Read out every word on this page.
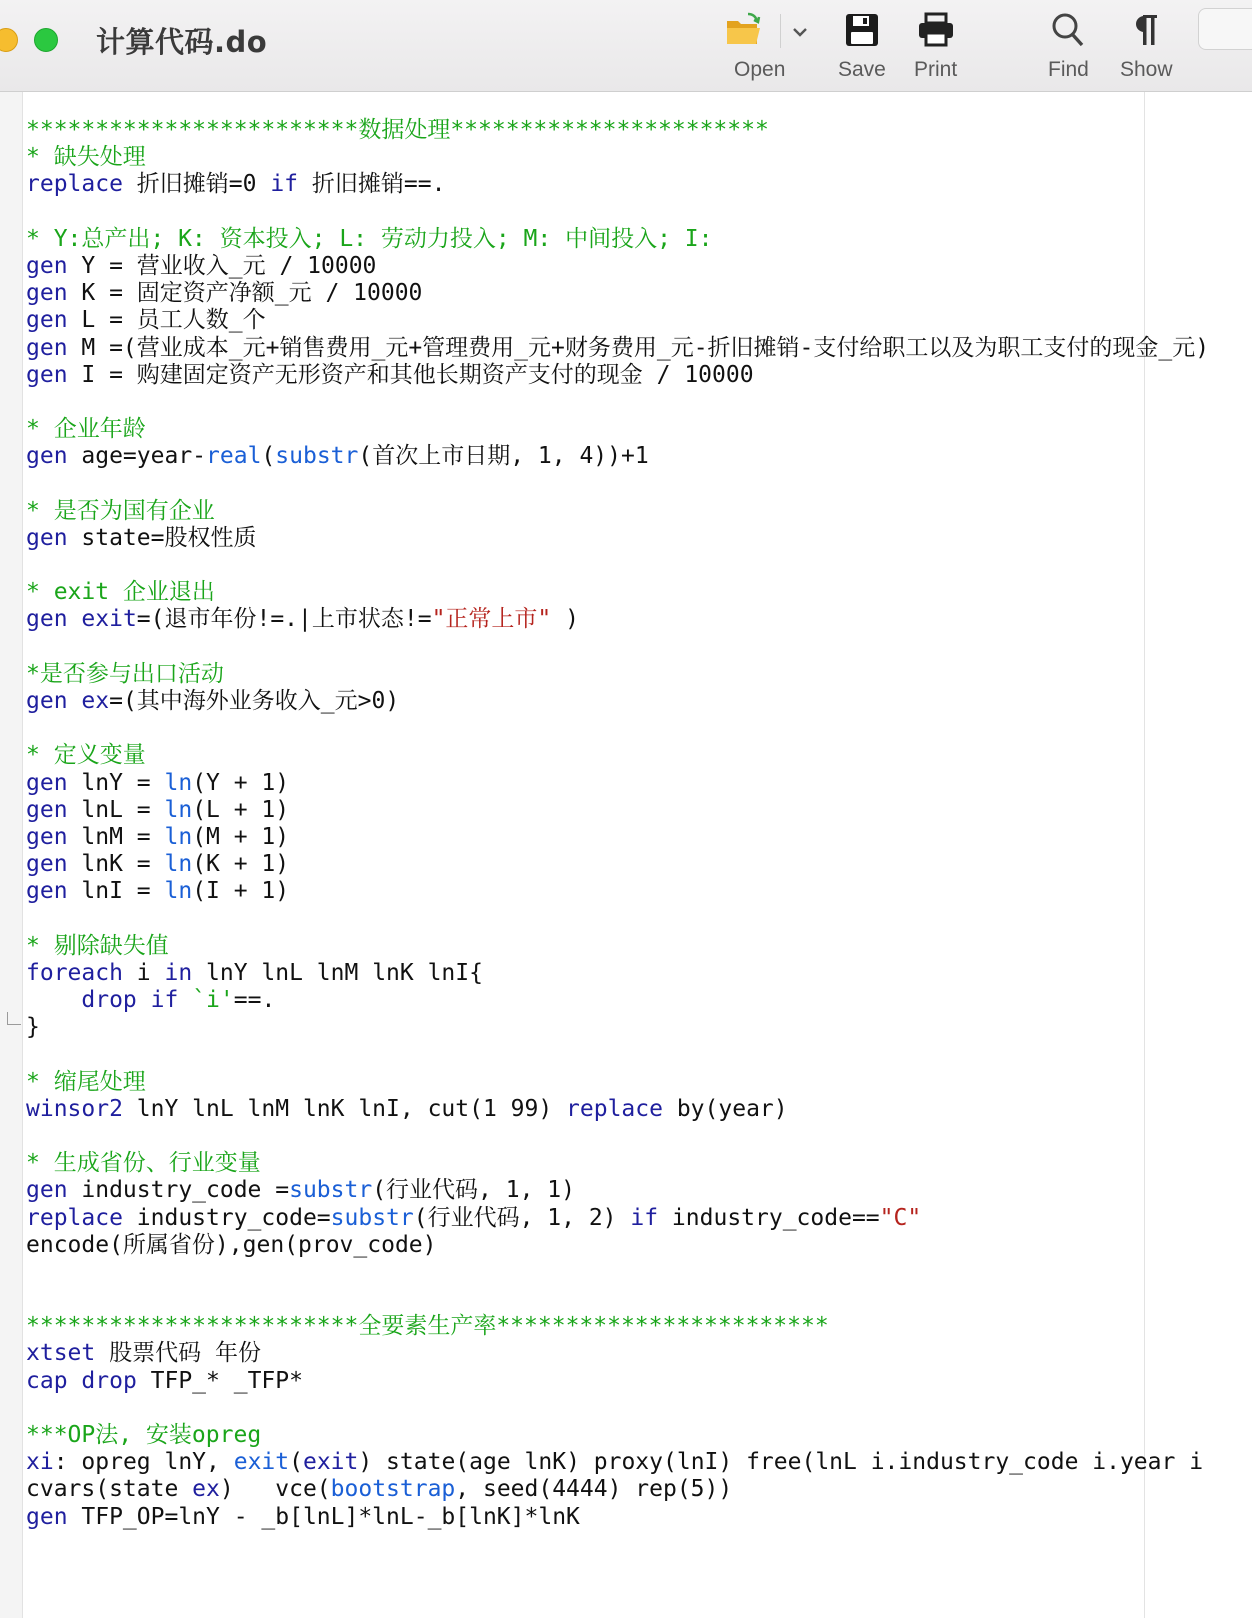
计算代码.do
Open	Save Print	Find Show
************************数据处理***********************
* 缺失处理
replace 折旧摊销=0 if 折旧摊销==.

* Y:总产出; K: 资本投入; L: 劳动力投入; M: 中间投入; I:
gen Y = 营业收入_元 / 10000
gen K = 固定资产净额_元 / 10000
gen L = 员工人数_个
gen M =(营业成本_元+销售费用_元+管理费用_元+财务费用_元-折旧摊销-支付给职工以及为职工支付的现金_元)
gen I = 购建固定资产无形资产和其他长期资产支付的现金 / 10000

* 企业年龄
gen age=year-real(substr(首次上市日期, 1, 4))+1

* 是否为国有企业
gen state=股权性质

* exit 企业退出
gen exit=(退市年份!=.|上市状态!="正常上市" )

*是否参与出口活动
gen ex=(其中海外业务收入_元>0)

* 定义变量
gen lnY = ln(Y + 1)
gen lnL = ln(L + 1)
gen lnM = ln(M + 1)
gen lnK = ln(K + 1)
gen lnI = ln(I + 1)

* 剔除缺失值
foreach i in lnY lnL lnM lnK lnI{
drop if `i'==.
}

* 缩尾处理
winsor2 lnY lnL lnM lnK lnI, cut(1 99) replace by(year)

* 生成省份、行业变量
gen industry_code =substr(行业代码, 1, 1)
replace industry_code=substr(行业代码, 1, 2) if industry_code=="C"
encode(所属省份),gen(prov_code)

************************全要素生产率************************
xtset 股票代码 年份
cap drop TFP_* _TFP*

***OP法, 安装opreg
xi: opreg lnY, exit(exit) state(age lnK) proxy(lnI) free(lnL i.industry_code i.year i
cvars(state ex)   vce(bootstrap, seed(4444) rep(5))
gen TFP_OP=lnY - _b[lnL]*lnL-_b[lnK]*lnK
